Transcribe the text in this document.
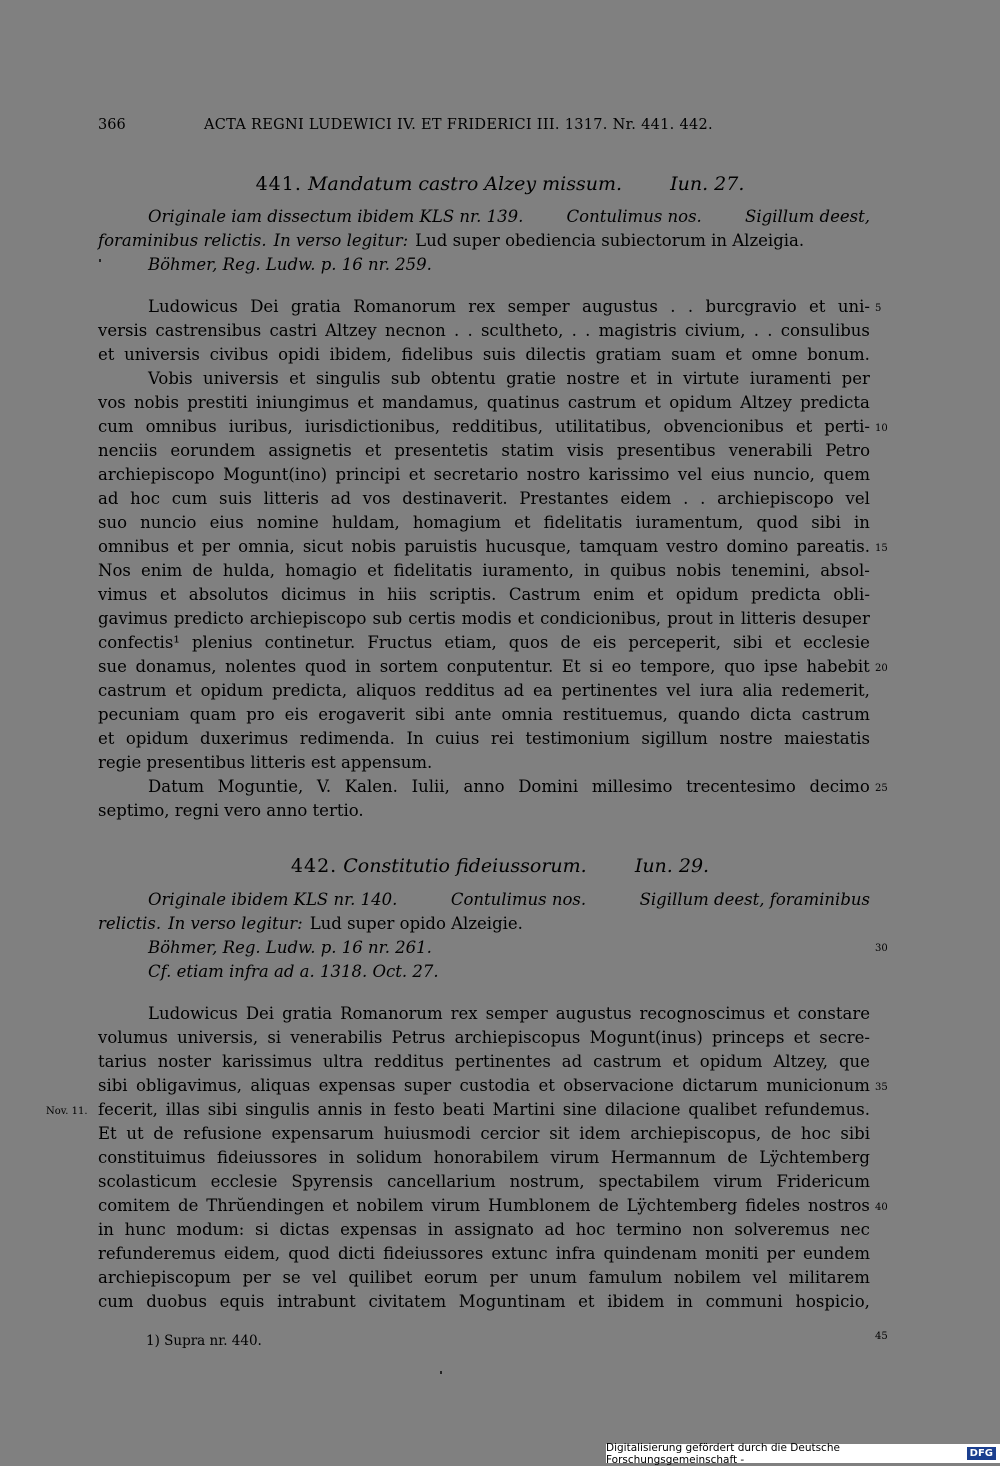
366	ACTA REGNI LUDEWICI IV. ET FRIDERICI III. 1317. Nr. 441. 442.
441. Mandatum castro Alzey missum.	Iun. 27.
Originale iam dissectum ibidem KLS nr. 139.	Contulimus nos.	Sigillum deest,
foraminibus relictis. In verso legitur: Lud super obediencia subiectorum in Alzeigia.
Böhmer, Reg. Ludw. p. 16 nr. 259.
Ludowicus Dei gratia Romanorum rex semper augustus . . burcgravio et uni-
versis castrensibus castri Altzey necnon . . scultheto, . . magistris civium, . . consulibus
et universis civibus opidi ibidem, fidelibus suis dilectis gratiam suam et omne bonum.
Vobis universis et singulis sub obtentu gratie nostre et in virtute iuramenti per
vos nobis prestiti iniungimus et mandamus, quatinus castrum et opidum Altzey predicta
cum omnibus iuribus, iurisdictionibus, redditibus, utilitatibus, obvencionibus et perti-
nenciis eorundem assignetis et presentetis statim visis presentibus venerabili Petro
archiepiscopo Mogunt(ino) principi et secretario nostro karissimo vel eius nuncio, quem
ad hoc cum suis litteris ad vos destinaverit. Prestantes eidem . . archiepiscopo vel
suo nuncio eius nomine huldam, homagium et fidelitatis iuramentum, quod sibi in
omnibus et per omnia, sicut nobis paruistis hucusque, tamquam vestro domino pareatis.
Nos enim de hulda, homagio et fidelitatis iuramento, in quibus nobis tenemini, absol-
vimus et absolutos dicimus in hiis scriptis. Castrum enim et opidum predicta obli-
gavimus predicto archiepiscopo sub certis modis et condicionibus, prout in litteris desuper
confectis¹ plenius continetur. Fructus etiam, quos de eis perceperit, sibi et ecclesie
sue donamus, nolentes quod in sortem conputentur. Et si eo tempore, quo ipse habebit
castrum et opidum predicta, aliquos redditus ad ea pertinentes vel iura alia redemerit,
pecuniam quam pro eis erogaverit sibi ante omnia restituemus, quando dicta castrum
et opidum duxerimus redimenda. In cuius rei testimonium sigillum nostre maiestatis
regie presentibus litteris est appensum.
Datum Moguntie, V. Kalen. Iulii, anno Domini millesimo trecentesimo decimo
septimo, regni vero anno tertio.
442. Constitutio fideiussorum.	Iun. 29.
Originale ibidem KLS nr. 140.	Contulimus nos.	Sigillum deest, foraminibus
relictis. In verso legitur: Lud super opido Alzeigie.
Böhmer, Reg. Ludw. p. 16 nr. 261.
Cf. etiam infra ad a. 1318. Oct. 27.
Ludowicus Dei gratia Romanorum rex semper augustus recognoscimus et constare
volumus universis, si venerabilis Petrus archiepiscopus Mogunt(inus) princeps et secre-
tarius noster karissimus ultra redditus pertinentes ad castrum et opidum Altzey, que
sibi obligavimus, aliquas expensas super custodia et observacione dictarum municionum
fecerit, illas sibi singulis annis in festo beati Martini sine dilacione qualibet refundemus.
Et ut de refusione expensarum huiusmodi cercior sit idem archiepiscopus, de hoc sibi
constituimus fideiussores in solidum honorabilem virum Hermannum de Lÿchtemberg
scolasticum ecclesie Spyrensis cancellarium nostrum, spectabilem virum Fridericum
comitem de Thrŭendingen et nobilem virum Humblonem de Lÿchtemberg fideles nostros
in hunc modum: si dictas expensas in assignato ad hoc termino non solveremus nec
refunderemus eidem, quod dicti fideiussores extunc infra quindenam moniti per eundem
archiepiscopum per se vel quilibet eorum per unum famulum nobilem vel militarem
cum duobus equis intrabunt civitatem Moguntinam et ibidem in communi hospicio,
5
10
15
20
25
30
35
40
45
Nov. 11.
1) Supra nr. 440.
Digitalisierung gefördert durch die Deutsche Forschungsgemeinschaft -	DFG
